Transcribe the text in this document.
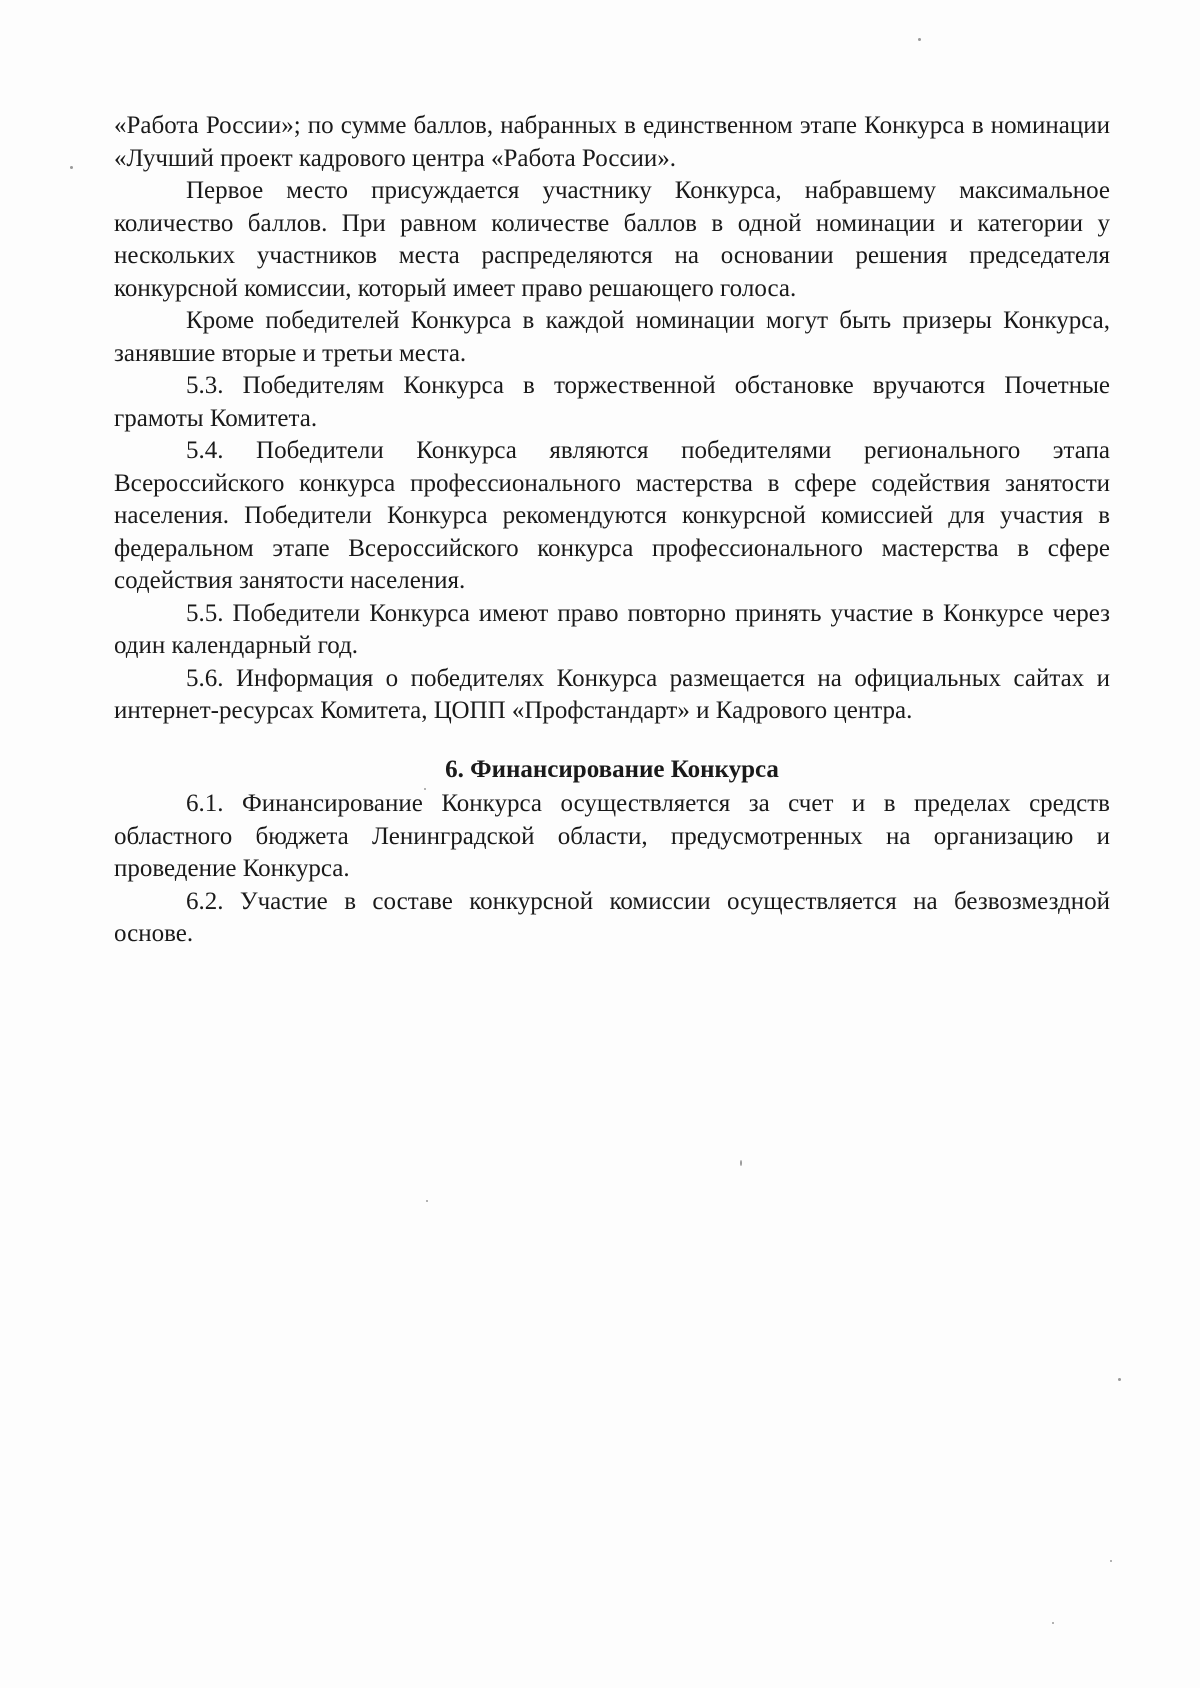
«Работа России»; по сумме баллов, набранных в единственном этапе Конкурса в номинации «Лучший проект кадрового центра «Работа России».

Первое место присуждается участнику Конкурса, набравшему максимальное количество баллов. При равном количестве баллов в одной номинации и категории у нескольких участников места распределяются на основании решения председателя конкурсной комиссии, который имеет право решающего голоса.

Кроме победителей Конкурса в каждой номинации могут быть призеры Конкурса, занявшие вторые и третьи места.

5.3. Победителям Конкурса в торжественной обстановке вручаются Почетные грамоты Комитета.

5.4. Победители Конкурса являются победителями регионального этапа Всероссийского конкурса профессионального мастерства в сфере содействия занятости населения. Победители Конкурса рекомендуются конкурсной комиссией для участия в федеральном этапе Всероссийского конкурса профессионального мастерства в сфере содействия занятости населения.

5.5. Победители Конкурса имеют право повторно принять участие в Конкурсе через один календарный год.

5.6. Информация о победителях Конкурса размещается на официальных сайтах и интернет-ресурсах Комитета, ЦОПП «Профстандарт» и Кадрового центра.

6. Финансирование Конкурса

6.1. Финансирование Конкурса осуществляется за счет и в пределах средств областного бюджета Ленинградской области, предусмотренных на организацию и проведение Конкурса.

6.2. Участие в составе конкурсной комиссии осуществляется на безвозмездной основе.
